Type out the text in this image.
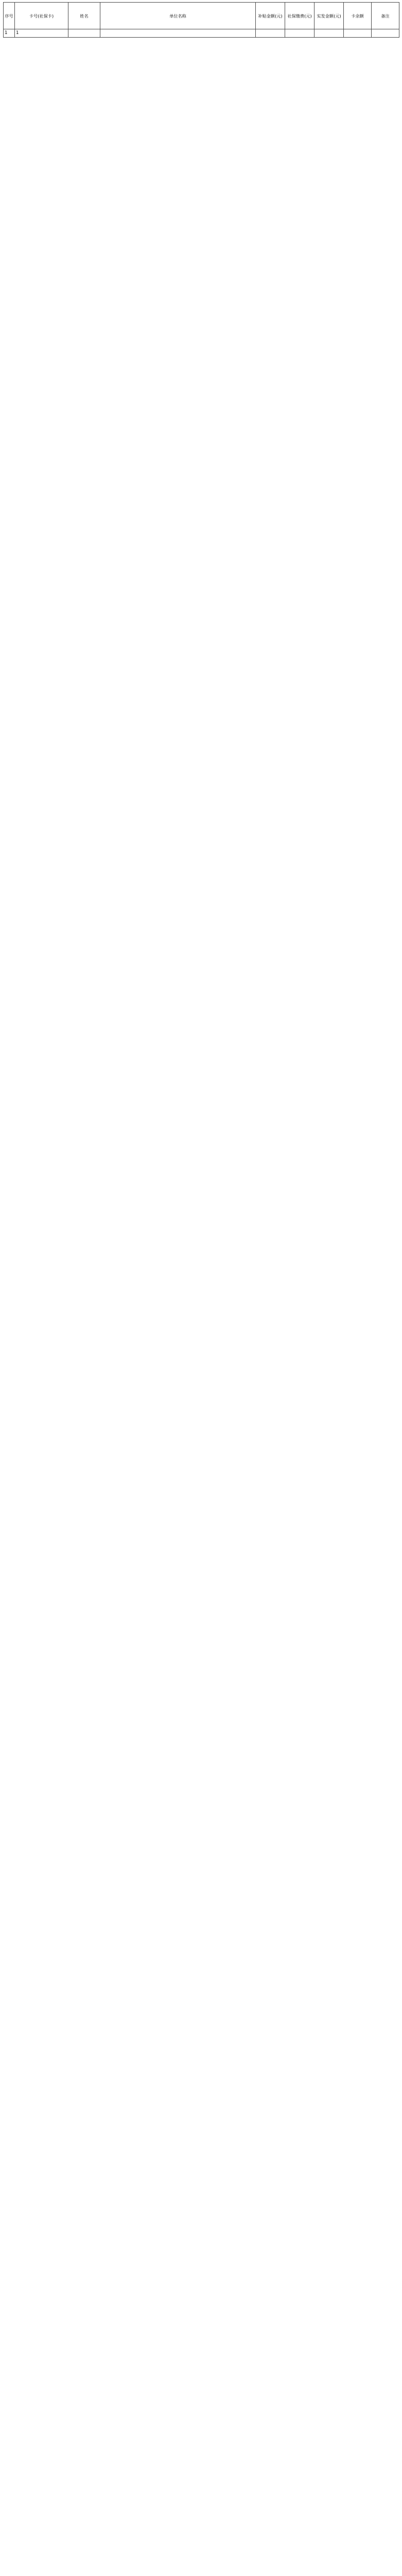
序号	卡号(社保卡)	姓名	单位名称	补贴金额(元)	社保缴费(元)	实发金额(元)	卡余额	备注
1	1							
